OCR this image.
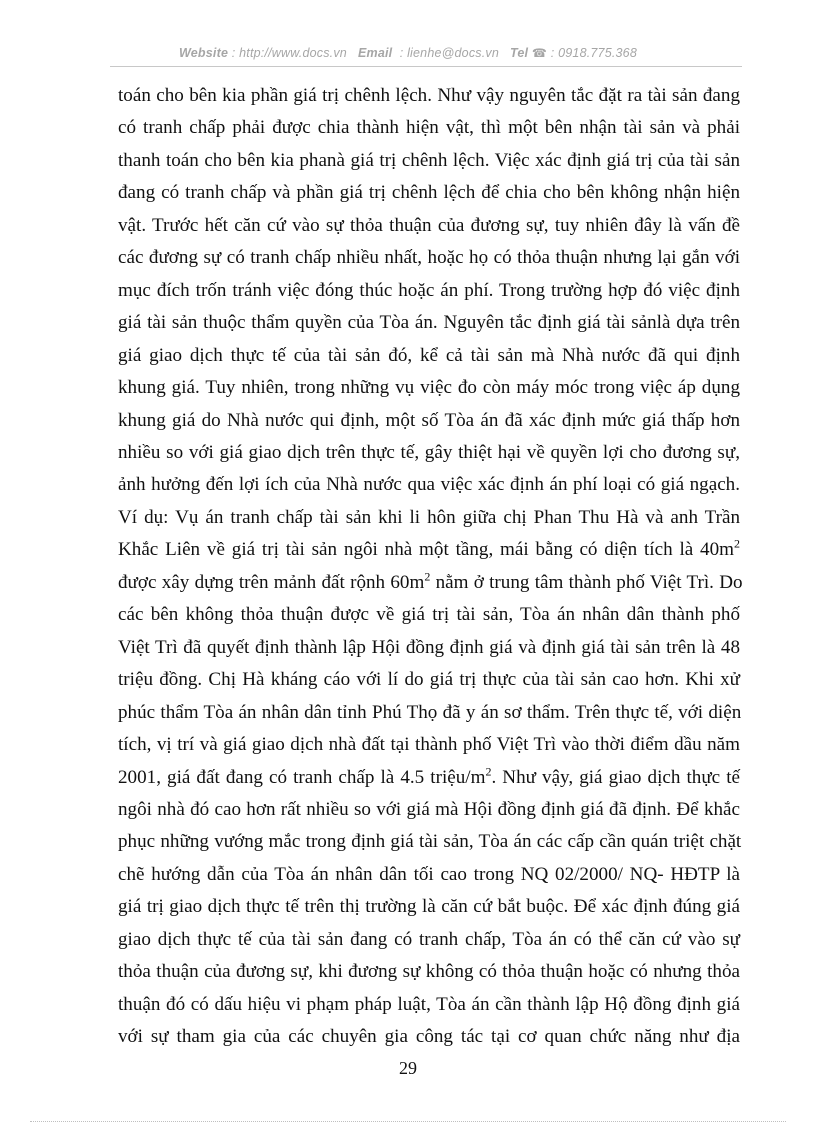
Website : http://www.docs.vn Email : lienhe@docs.vn Tel ☎ : 0918.775.368
toán cho bên kia phần giá trị chênh lệch. Như vậy nguyên tắc đặt ra tài sản đang
có tranh chấp phải được chia thành hiện vật, thì một bên nhận tài sản và phải
thanh toán cho bên kia phanà giá trị chênh lệch. Việc xác định giá trị của tài sản
đang có tranh chấp và phần giá trị chênh lệch để chia cho bên không nhận hiện
vật. Trước hết căn cứ vào sự thỏa thuận của đương sự, tuy nhiên đây là vấn đề
các đương sự có tranh chấp nhiều nhất, hoặc họ có thỏa thuận nhưng lại gắn với
mục đích trốn tránh việc đóng thúc hoặc án phí. Trong trường hợp đó việc định
giá tài sản thuộc thẩm quyền của Tòa án. Nguyên tắc định giá tài sảnlà dựa trên
giá giao dịch thực tế của tài sản đó, kể cả tài sản mà Nhà nước đã qui định
khung giá. Tuy nhiên, trong những vụ việc đo còn máy móc trong việc áp dụng
khung giá do Nhà nước qui định, một số Tòa án đã xác định mức giá thấp hơn
nhiều so với giá giao dịch trên thực tế, gây thiệt hại về quyền lợi cho đương sự,
ảnh hưởng đến lợi ích của Nhà nước qua việc xác định án phí loại có giá ngạch.
Ví dụ: Vụ án tranh chấp tài sản khi li hôn giữa chị Phan Thu Hà và anh Trần
Khắc Liên về giá trị tài sản ngôi nhà một tầng, mái bằng có diện tích là $40m^2$
được xây dựng trên mảnh đất rộnh $60m^2$ nằm ở trung tâm thành phố Việt Trì. Do
các bên không thỏa thuận được về giá trị tài sản, Tòa án nhân dân thành phố
Việt Trì đã quyết định thành lập Hội đồng định giá và định giá tài sản trên là 48
triệu đồng. Chị Hà kháng cáo với lí do giá trị thực của tài sản cao hơn. Khi xử
phúc thẩm Tòa án nhân dân tỉnh Phú Thọ đã y án sơ thẩm. Trên thực tế, với diện
tích, vị trí và giá giao dịch nhà đất tại thành phố Việt Trì vào thời điểm dầu năm
2001, giá đất đang có tranh chấp là 4.5 triệu/$m^2$. Như vậy, giá giao dịch thực tế
ngôi nhà đó cao hơn rất nhiều so với giá mà Hội đồng định giá đã định. Để khắc
phục những vướng mắc trong định giá tài sản, Tòa án các cấp cần quán triệt chặt
chẽ hướng dẫn của Tòa án nhân dân tối cao trong NQ 02/2000/ NQ- HĐTP là
giá trị giao dịch thực tế trên thị trường là căn cứ bắt buộc. Để xác định đúng giá
giao dịch thực tế của tài sản đang có tranh chấp, Tòa án có thể căn cứ vào sự
thỏa thuận của đương sự, khi đương sự không có thỏa thuận hoặc có nhưng thỏa
thuận đó có dấu hiệu vi phạm pháp luật, Tòa án cần thành lập Hộ đồng định giá
với sự tham gia của các chuyên gia công tác tại cơ quan chức năng như địa
29
